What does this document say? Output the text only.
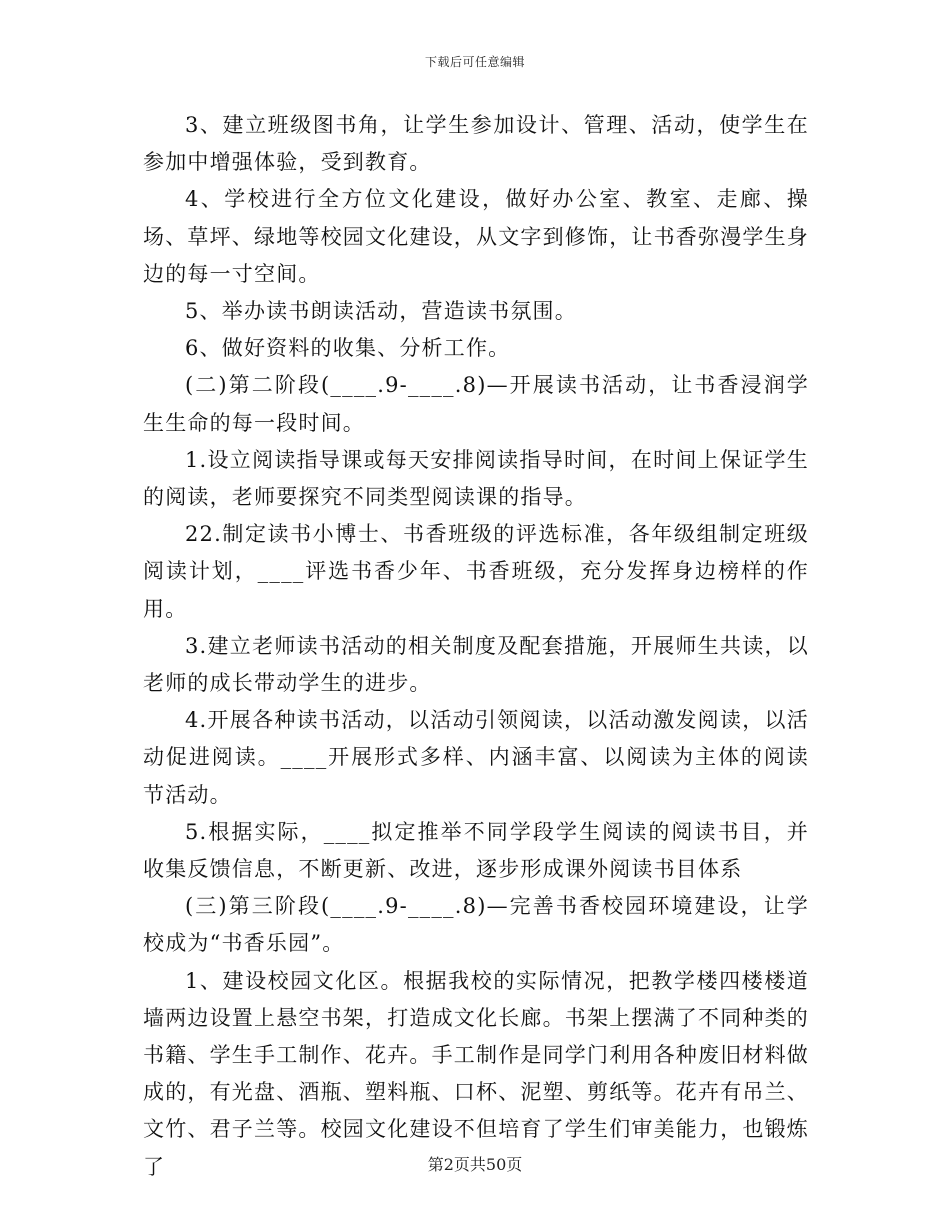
下载后可任意编辑

3、建立班级图书角，让学生参加设计、管理、活动，使学生在参加中增强体验，受到教育。

4、学校进行全方位文化建设，做好办公室、教室、走廊、操场、草坪、绿地等校园文化建设，从文字到修饰，让书香弥漫学生身边的每一寸空间。

5、举办读书朗读活动，营造读书氛围。

6、做好资料的收集、分析工作。

(二)第二阶段(____.9-____.8)—开展读书活动，让书香浸润学生生命的每一段时间。

1.设立阅读指导课或每天安排阅读指导时间，在时间上保证学生的阅读，老师要探究不同类型阅读课的指导。

22.制定读书小博士、书香班级的评选标准，各年级组制定班级阅读计划，____评选书香少年、书香班级，充分发挥身边榜样的作用。

3.建立老师读书活动的相关制度及配套措施，开展师生共读，以老师的成长带动学生的进步。

4.开展各种读书活动，以活动引领阅读，以活动激发阅读，以活动促进阅读。____开展形式多样、内涵丰富、以阅读为主体的阅读节活动。

5.根据实际，____拟定推举不同学段学生阅读的阅读书目，并收集反馈信息，不断更新、改进，逐步形成课外阅读书目体系

(三)第三阶段(____.9-____.8)—完善书香校园环境建设，让学校成为“书香乐园”。

1、建设校园文化区。根据我校的实际情况，把教学楼四楼楼道墙两边设置上悬空书架，打造成文化长廊。书架上摆满了不同种类的书籍、学生手工制作、花卉。手工制作是同学门利用各种废旧材料做成的，有光盘、酒瓶、塑料瓶、口杯、泥塑、剪纸等。花卉有吊兰、文竹、君子兰等。校园文化建设不但培育了学生们审美能力，也锻炼了	第2页共50页
